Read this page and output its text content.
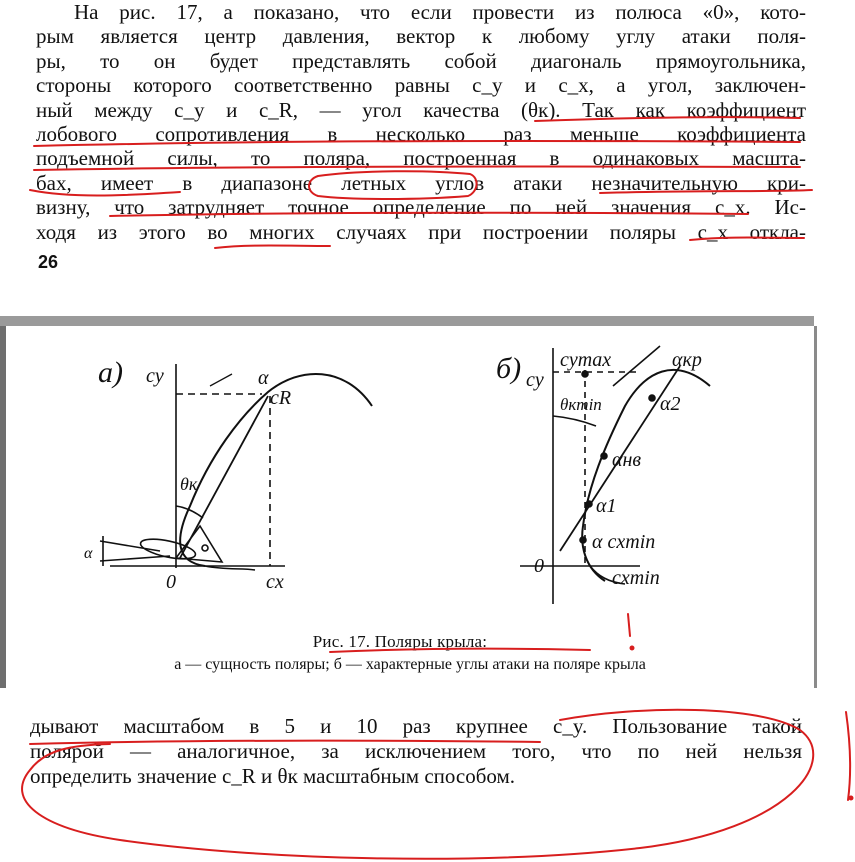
На рис. 17, а показано, что если провести из полюса «0», кото-
рым является центр давления, вектор к любому углу атаки поля-
ры, то он будет представлять собой диагональ прямоугольника,
стороны которого соответственно равны c_y и c_x, а угол, заключен-
ный между c_y и c_R, — угол качества (θк). Так как коэффициент
лобового сопротивления в несколько раз меньше коэффициента
подъемной силы, то поляра, построенная в одинаковых масшта-
бах, имеет в диапазоне летных углов атаки незначительную кри-
визну, что затрудняет точное определение по ней значения c_x. Ис-
ходя из этого во многих случаях при построении поляры c_x откла-
26
а) cy	α
cR
θк
α
0	cx
б) cymax
cy
αкр
α2
θкmin
αнв
α1
α cxmin
0
cxmin
Рис. 17. Поляры крыла:
а — сущность поляры; б — характерные углы атаки на поляре крыла
дывают масштабом в 5 и 10 раз крупнее c_y. Пользование такой
полярой — аналогичное, за исключением того, что по ней нельзя
определить значение c_R и θк масштабным способом.
